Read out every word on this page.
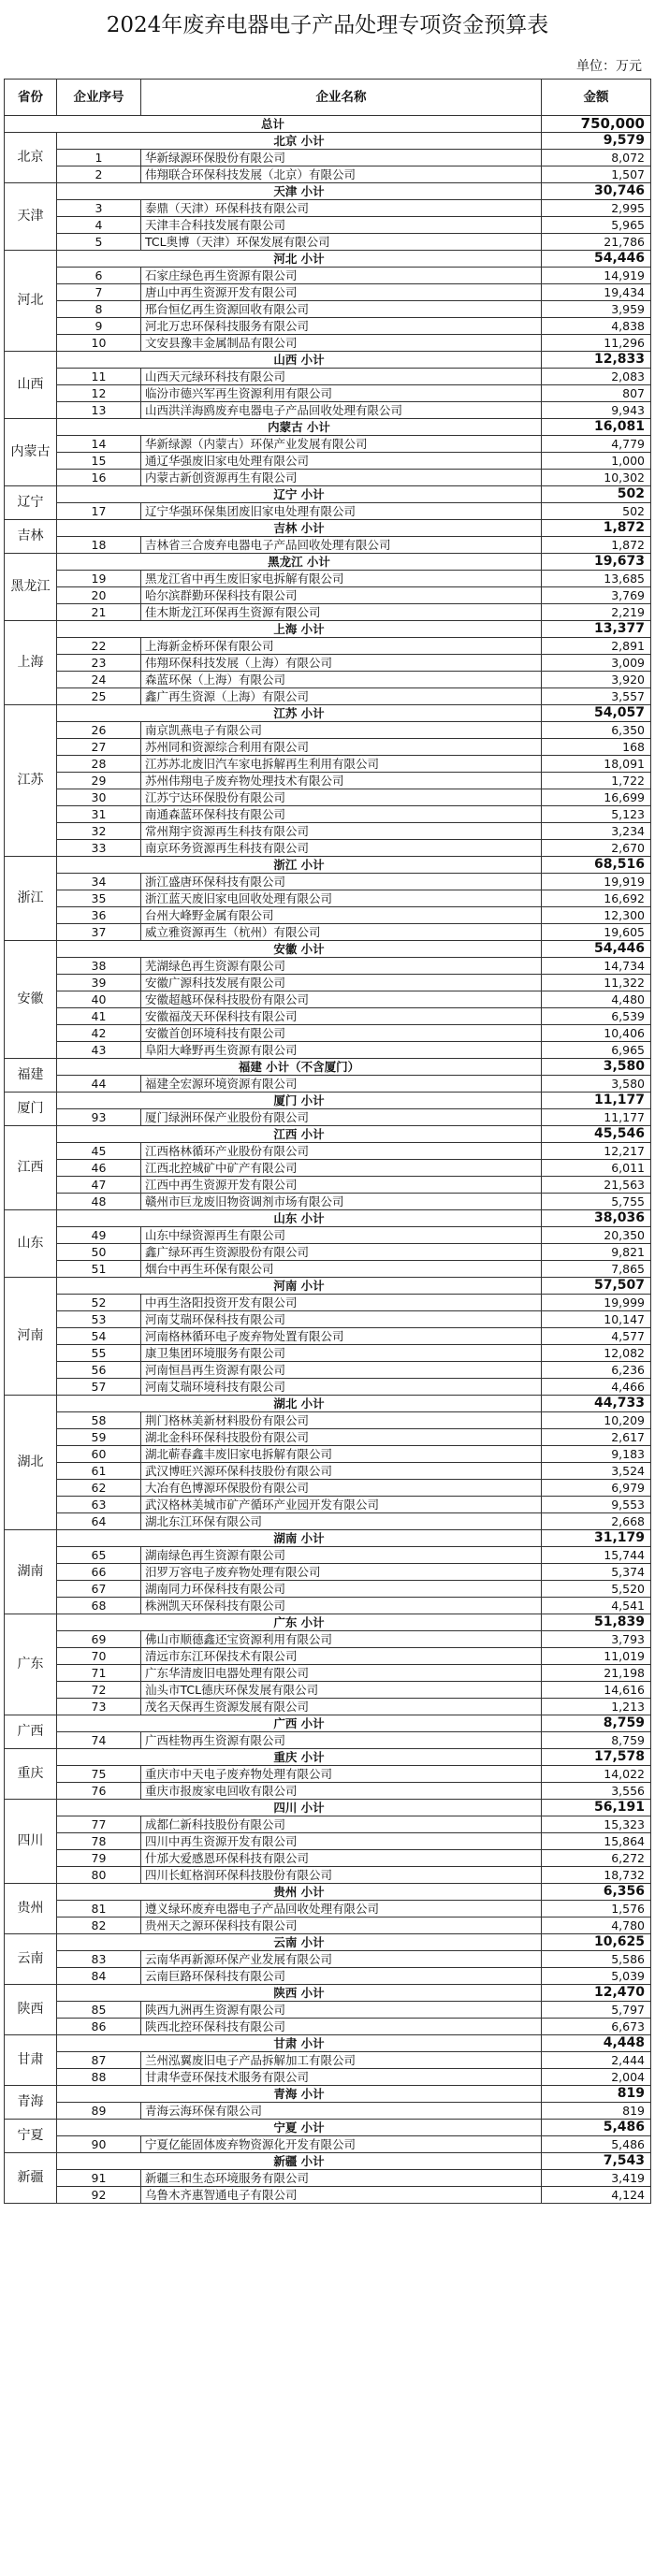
2024年废弃电器电子产品处理专项资金预算表
单位：万元
省份	企业序号	企业名称	金额
总计			750,000
北京	北京 小计		9,579
	1	华新绿源环保股份有限公司	8,072
	2	伟翔联合环保科技发展（北京）有限公司	1,507
天津	天津 小计		30,746
	3	泰鼎（天津）环保科技有限公司	2,995
	4	天津丰合科技发展有限公司	5,965
	5	TCL奥博（天津）环保发展有限公司	21,786
河北	河北 小计		54,446
	6	石家庄绿色再生资源有限公司	14,919
	7	唐山中再生资源开发有限公司	19,434
	8	邢台恒亿再生资源回收有限公司	3,959
	9	河北万忠环保科技服务有限公司	4,838
	10	文安县豫丰金属制品有限公司	11,296
山西	山西 小计		12,833
	11	山西天元绿环科技有限公司	2,083
	12	临汾市德兴军再生资源利用有限公司	807
	13	山西洪洋海鸥废弃电器电子产品回收处理有限公司	9,943
内蒙古	内蒙古 小计		16,081
	14	华新绿源（内蒙古）环保产业发展有限公司	4,779
	15	通辽华强废旧家电处理有限公司	1,000
	16	内蒙古新创资源再生有限公司	10,302
辽宁	辽宁 小计		502
	17	辽宁华强环保集团废旧家电处理有限公司	502
吉林	吉林 小计		1,872
	18	吉林省三合废弃电器电子产品回收处理有限公司	1,872
黑龙江	黑龙江 小计		19,673
	19	黑龙江省中再生废旧家电拆解有限公司	13,685
	20	哈尔滨群勤环保科技有限公司	3,769
	21	佳木斯龙江环保再生资源有限公司	2,219
上海	上海 小计		13,377
	22	上海新金桥环保有限公司	2,891
	23	伟翔环保科技发展（上海）有限公司	3,009
	24	森蓝环保（上海）有限公司	3,920
	25	鑫广再生资源（上海）有限公司	3,557
江苏	江苏 小计		54,057
	26	南京凯燕电子有限公司	6,350
	27	苏州同和资源综合利用有限公司	168
	28	江苏苏北废旧汽车家电拆解再生利用有限公司	18,091
	29	苏州伟翔电子废弃物处理技术有限公司	1,722
	30	江苏宁达环保股份有限公司	16,699
	31	南通森蓝环保科技有限公司	5,123
	32	常州翔宇资源再生科技有限公司	3,234
	33	南京环务资源再生科技有限公司	2,670
浙江	浙江 小计		68,516
	34	浙江盛唐环保科技有限公司	19,919
	35	浙江蓝天废旧家电回收处理有限公司	16,692
	36	台州大峰野金属有限公司	12,300
	37	威立雅资源再生（杭州）有限公司	19,605
安徽	安徽 小计		54,446
	38	芜湖绿色再生资源有限公司	14,734
	39	安徽广源科技发展有限公司	11,322
	40	安徽超越环保科技股份有限公司	4,480
	41	安徽福茂天环保科技有限公司	6,539
	42	安徽首创环境科技有限公司	10,406
	43	阜阳大峰野再生资源有限公司	6,965
福建	福建 小计（不含厦门）		3,580
	44	福建全宏源环境资源有限公司	3,580
厦门	厦门 小计		11,177
	93	厦门绿洲环保产业股份有限公司	11,177
江西	江西 小计		45,546
	45	江西格林循环产业股份有限公司	12,217
	46	江西北控城矿中矿产有限公司	6,011
	47	江西中再生资源开发有限公司	21,563
	48	赣州市巨龙废旧物资调剂市场有限公司	5,755
山东	山东 小计		38,036
	49	山东中绿资源再生有限公司	20,350
	50	鑫广绿环再生资源股份有限公司	9,821
	51	烟台中再生环保有限公司	7,865
河南	河南 小计		57,507
	52	中再生洛阳投资开发有限公司	19,999
	53	河南艾瑞环保科技有限公司	10,147
	54	河南格林循环电子废弃物处置有限公司	4,577
	55	康卫集团环境服务有限公司	12,082
	56	河南恒昌再生资源有限公司	6,236
	57	河南艾瑞环境科技有限公司	4,466
湖北	湖北 小计		44,733
	58	荆门格林美新材料股份有限公司	10,209
	59	湖北金科环保科技股份有限公司	2,617
	60	湖北蕲春鑫丰废旧家电拆解有限公司	9,183
	61	武汉博旺兴源环保科技股份有限公司	3,524
	62	大冶有色博源环保股份有限公司	6,979
	63	武汉格林美城市矿产循环产业园开发有限公司	9,553
	64	湖北东江环保有限公司	2,668
湖南	湖南 小计		31,179
	65	湖南绿色再生资源有限公司	15,744
	66	汨罗万容电子废弃物处理有限公司	5,374
	67	湖南同力环保科技有限公司	5,520
	68	株洲凯天环保科技有限公司	4,541
广东	广东 小计		51,839
	69	佛山市顺德鑫还宝资源利用有限公司	3,793
	70	清远市东江环保技术有限公司	11,019
	71	广东华清废旧电器处理有限公司	21,198
	72	汕头市TCL德庆环保发展有限公司	14,616
	73	茂名天保再生资源发展有限公司	1,213
广西	广西 小计		8,759
	74	广西桂物再生资源有限公司	8,759
重庆	重庆 小计		17,578
	75	重庆市中天电子废弃物处理有限公司	14,022
	76	重庆市报废家电回收有限公司	3,556
四川	四川 小计		56,191
	77	成都仁新科技股份有限公司	15,323
	78	四川中再生资源开发有限公司	15,864
	79	什邡大爱感恩环保科技有限公司	6,272
	80	四川长虹格润环保科技股份有限公司	18,732
贵州	贵州 小计		6,356
	81	遵义绿环废弃电器电子产品回收处理有限公司	1,576
	82	贵州天之源环保科技有限公司	4,780
云南	云南 小计		10,625
	83	云南华再新源环保产业发展有限公司	5,586
	84	云南巨路环保科技有限公司	5,039
陕西	陕西 小计		12,470
	85	陕西九洲再生资源有限公司	5,797
	86	陕西北控环保科技有限公司	6,673
甘肃	甘肃 小计		4,448
	87	兰州泓翼废旧电子产品拆解加工有限公司	2,444
	88	甘肃华壹环保技术服务有限公司	2,004
青海	青海 小计		819
	89	青海云海环保有限公司	819
宁夏	宁夏 小计		5,486
	90	宁夏亿能固体废弃物资源化开发有限公司	5,486
新疆	新疆 小计		7,543
	91	新疆三和生态环境服务有限公司	3,419
	92	乌鲁木齐惠智通电子有限公司	4,124
